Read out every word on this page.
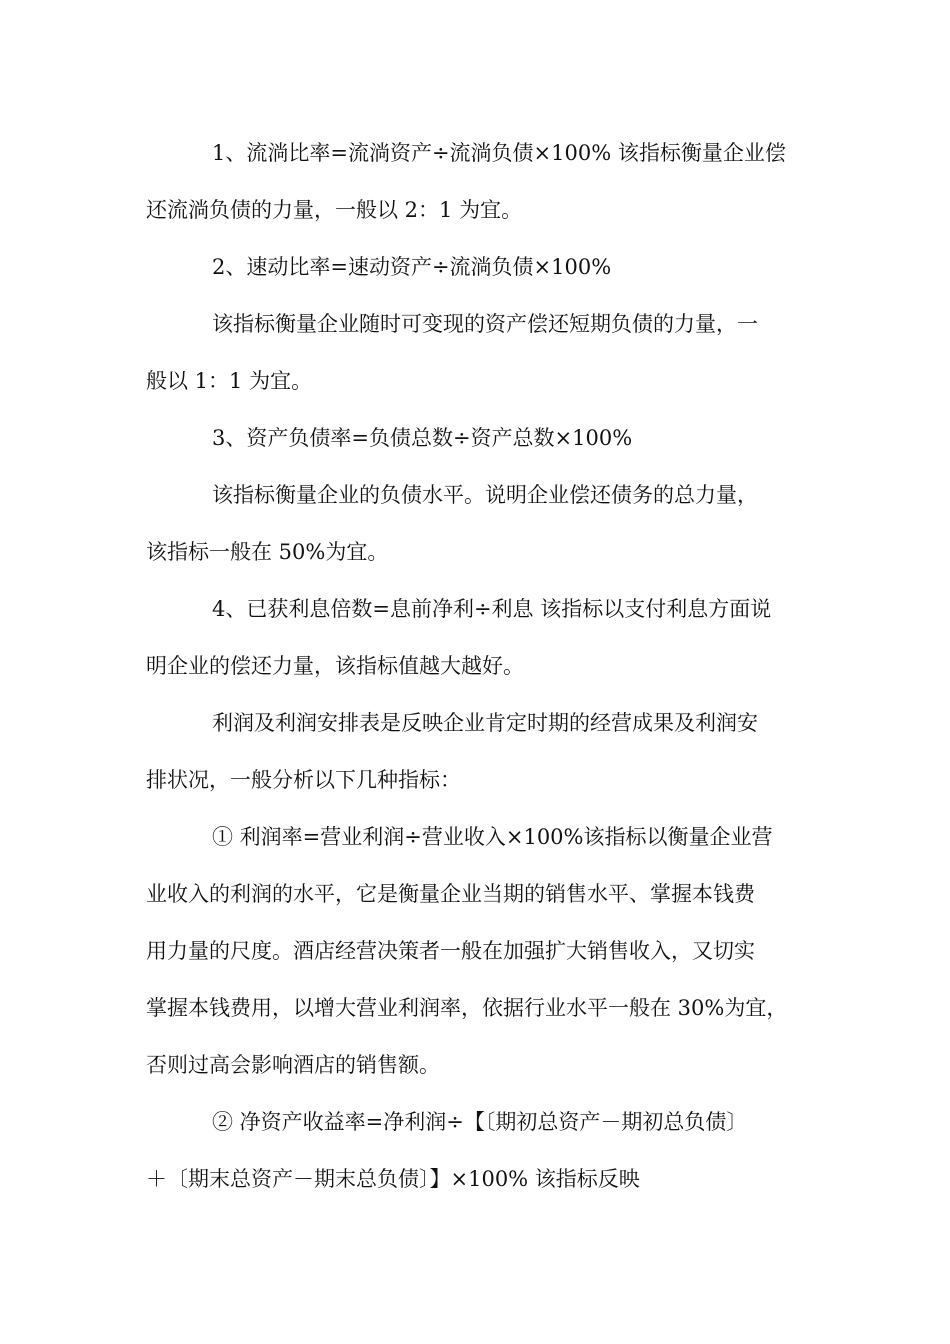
1、流淌比率=流淌资产÷流淌负债×100% 该指标衡量企业偿
还流淌负债的力量，一般以 2：1 为宜。
2、速动比率=速动资产÷流淌负债×100%
该指标衡量企业随时可变现的资产偿还短期负债的力量，一
般以 1：1 为宜。
3、资产负债率=负债总数÷资产总数×100%
该指标衡量企业的负债水平。说明企业偿还债务的总力量，
该指标一般在 50%为宜。
4、已获利息倍数=息前净利÷利息 该指标以支付利息方面说
明企业的偿还力量，该指标值越大越好。
利润及利润安排表是反映企业肯定时期的经营成果及利润安
排状况，一般分析以下几种指标：
① 利润率=营业利润÷营业收入×100%该指标以衡量企业营
业收入的利润的水平，它是衡量企业当期的销售水平、掌握本钱费
用力量的尺度。酒店经营决策者一般在加强扩大销售收入，又切实
掌握本钱费用，以增大营业利润率，依据行业水平一般在 30%为宜，
否则过高会影响酒店的销售额。
② 净资产收益率=净利润÷【〔期初总资产－期初总负债〕
＋〔期末总资产－期末总负债〕】×100% 该指标反映
